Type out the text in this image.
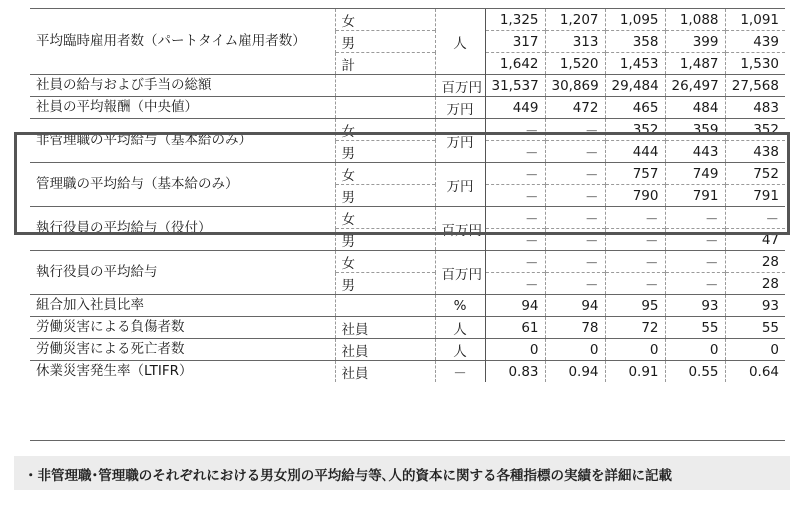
平均臨時雇用者数（パートタイム雇用者数）	女	人	1,325	1,207	1,095	1,088	1,091
	男		317	313	358	399	439
	計		1,642	1,520	1,453	1,487	1,530
社員の給与および手当の総額		百万円	31,537	30,869	29,484	26,497	27,568
社員の平均報酬（中央値）		万円	449	472	465	484	483
非管理職の平均給与（基本給のみ）	女	万円	－	－	352	359	352
	男		－	－	444	443	438
管理職の平均給与（基本給のみ）	女	万円	－	－	757	749	752
	男		－	－	790	791	791
執行役員の平均給与（役付）	女	百万円	－	－	－	－	－
	男		－	－	－	－	47
執行役員の平均給与	女	百万円	－	－	－	－	28
	男		－	－	－	－	28
組合加入社員比率		%	94	94	95	93	93
労働災害による負傷者数	社員	人	61	78	72	55	55
労働災害による死亡者数	社員	人	0	0	0	0	0
休業災害発生率（LTIFR）	社員	－	0.83	0.94	0.91	0.55	0.64
・非管理職･管理職のそれぞれにおける男女別の平均給与等､人的資本に関する各種指標の実績を詳細に記載
